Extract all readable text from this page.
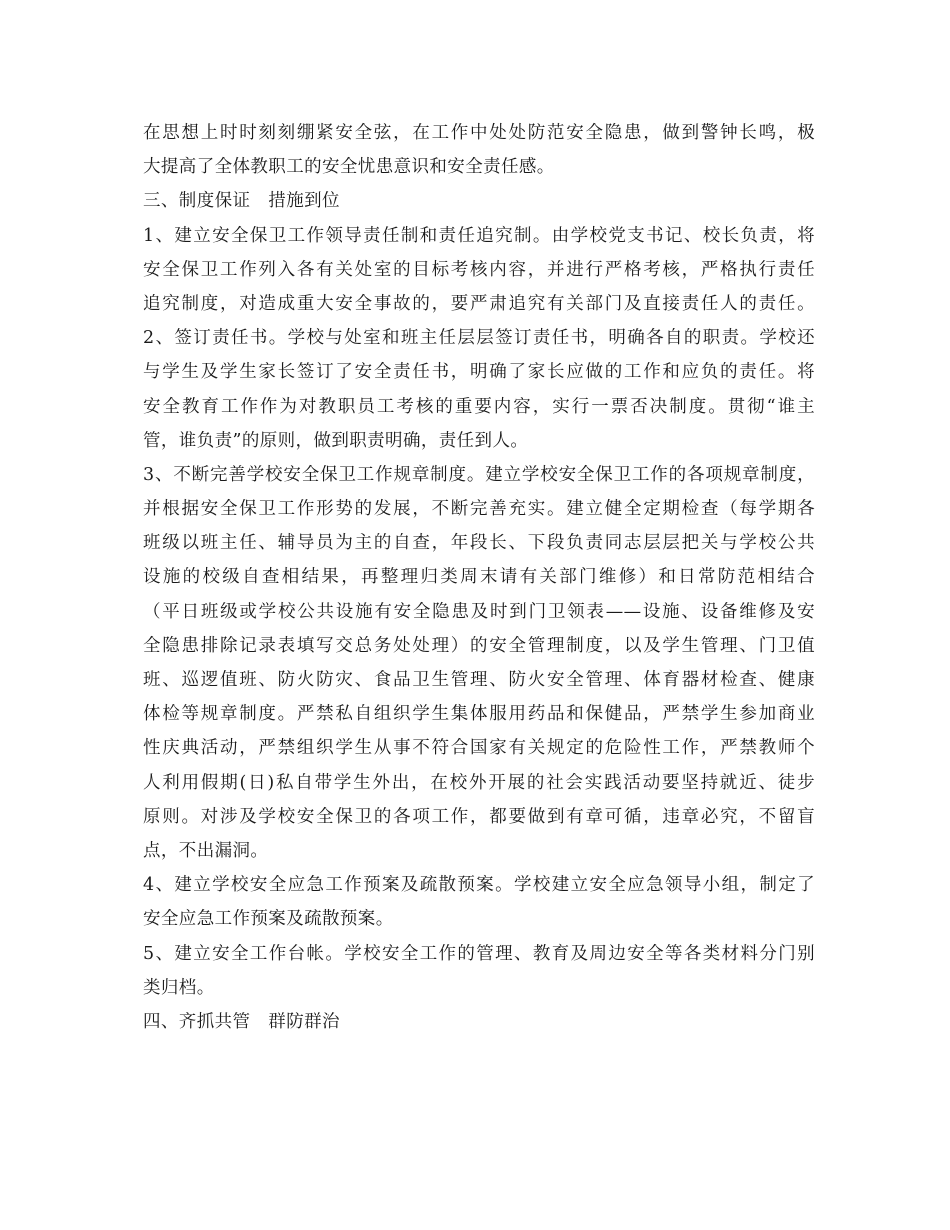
在思想上时时刻刻绷紧安全弦，在工作中处处防范安全隐患，做到警钟长鸣，极
大提高了全体教职工的安全忧患意识和安全责任感。
三、制度保证　措施到位
1、建立安全保卫工作领导责任制和责任追究制。由学校党支书记、校长负责，将
安全保卫工作列入各有关处室的目标考核内容，并进行严格考核，严格执行责任
追究制度，对造成重大安全事故的，要严肃追究有关部门及直接责任人的责任。
2、签订责任书。学校与处室和班主任层层签订责任书，明确各自的职责。学校还
与学生及学生家长签订了安全责任书，明确了家长应做的工作和应负的责任。将
安全教育工作作为对教职员工考核的重要内容，实行一票否决制度。贯彻“谁主
管，谁负责”的原则，做到职责明确，责任到人。
3、不断完善学校安全保卫工作规章制度。建立学校安全保卫工作的各项规章制度，
并根据安全保卫工作形势的发展，不断完善充实。建立健全定期检查（每学期各
班级以班主任、辅导员为主的自查，年段长、下段负责同志层层把关与学校公共
设施的校级自查相结果，再整理归类周末请有关部门维修）和日常防范相结合
（平日班级或学校公共设施有安全隐患及时到门卫领表——设施、设备维修及安
全隐患排除记录表填写交总务处处理）的安全管理制度，以及学生管理、门卫值
班、巡逻值班、防火防灾、食品卫生管理、防火安全管理、体育器材检查、健康
体检等规章制度。严禁私自组织学生集体服用药品和保健品，严禁学生参加商业
性庆典活动，严禁组织学生从事不符合国家有关规定的危险性工作，严禁教师个
人利用假期(日)私自带学生外出，在校外开展的社会实践活动要坚持就近、徒步
原则。对涉及学校安全保卫的各项工作，都要做到有章可循，违章必究，不留盲
点，不出漏洞。
4、建立学校安全应急工作预案及疏散预案。学校建立安全应急领导小组，制定了
安全应急工作预案及疏散预案。
5、建立安全工作台帐。学校安全工作的管理、教育及周边安全等各类材料分门别
类归档。
四、齐抓共管　群防群治
